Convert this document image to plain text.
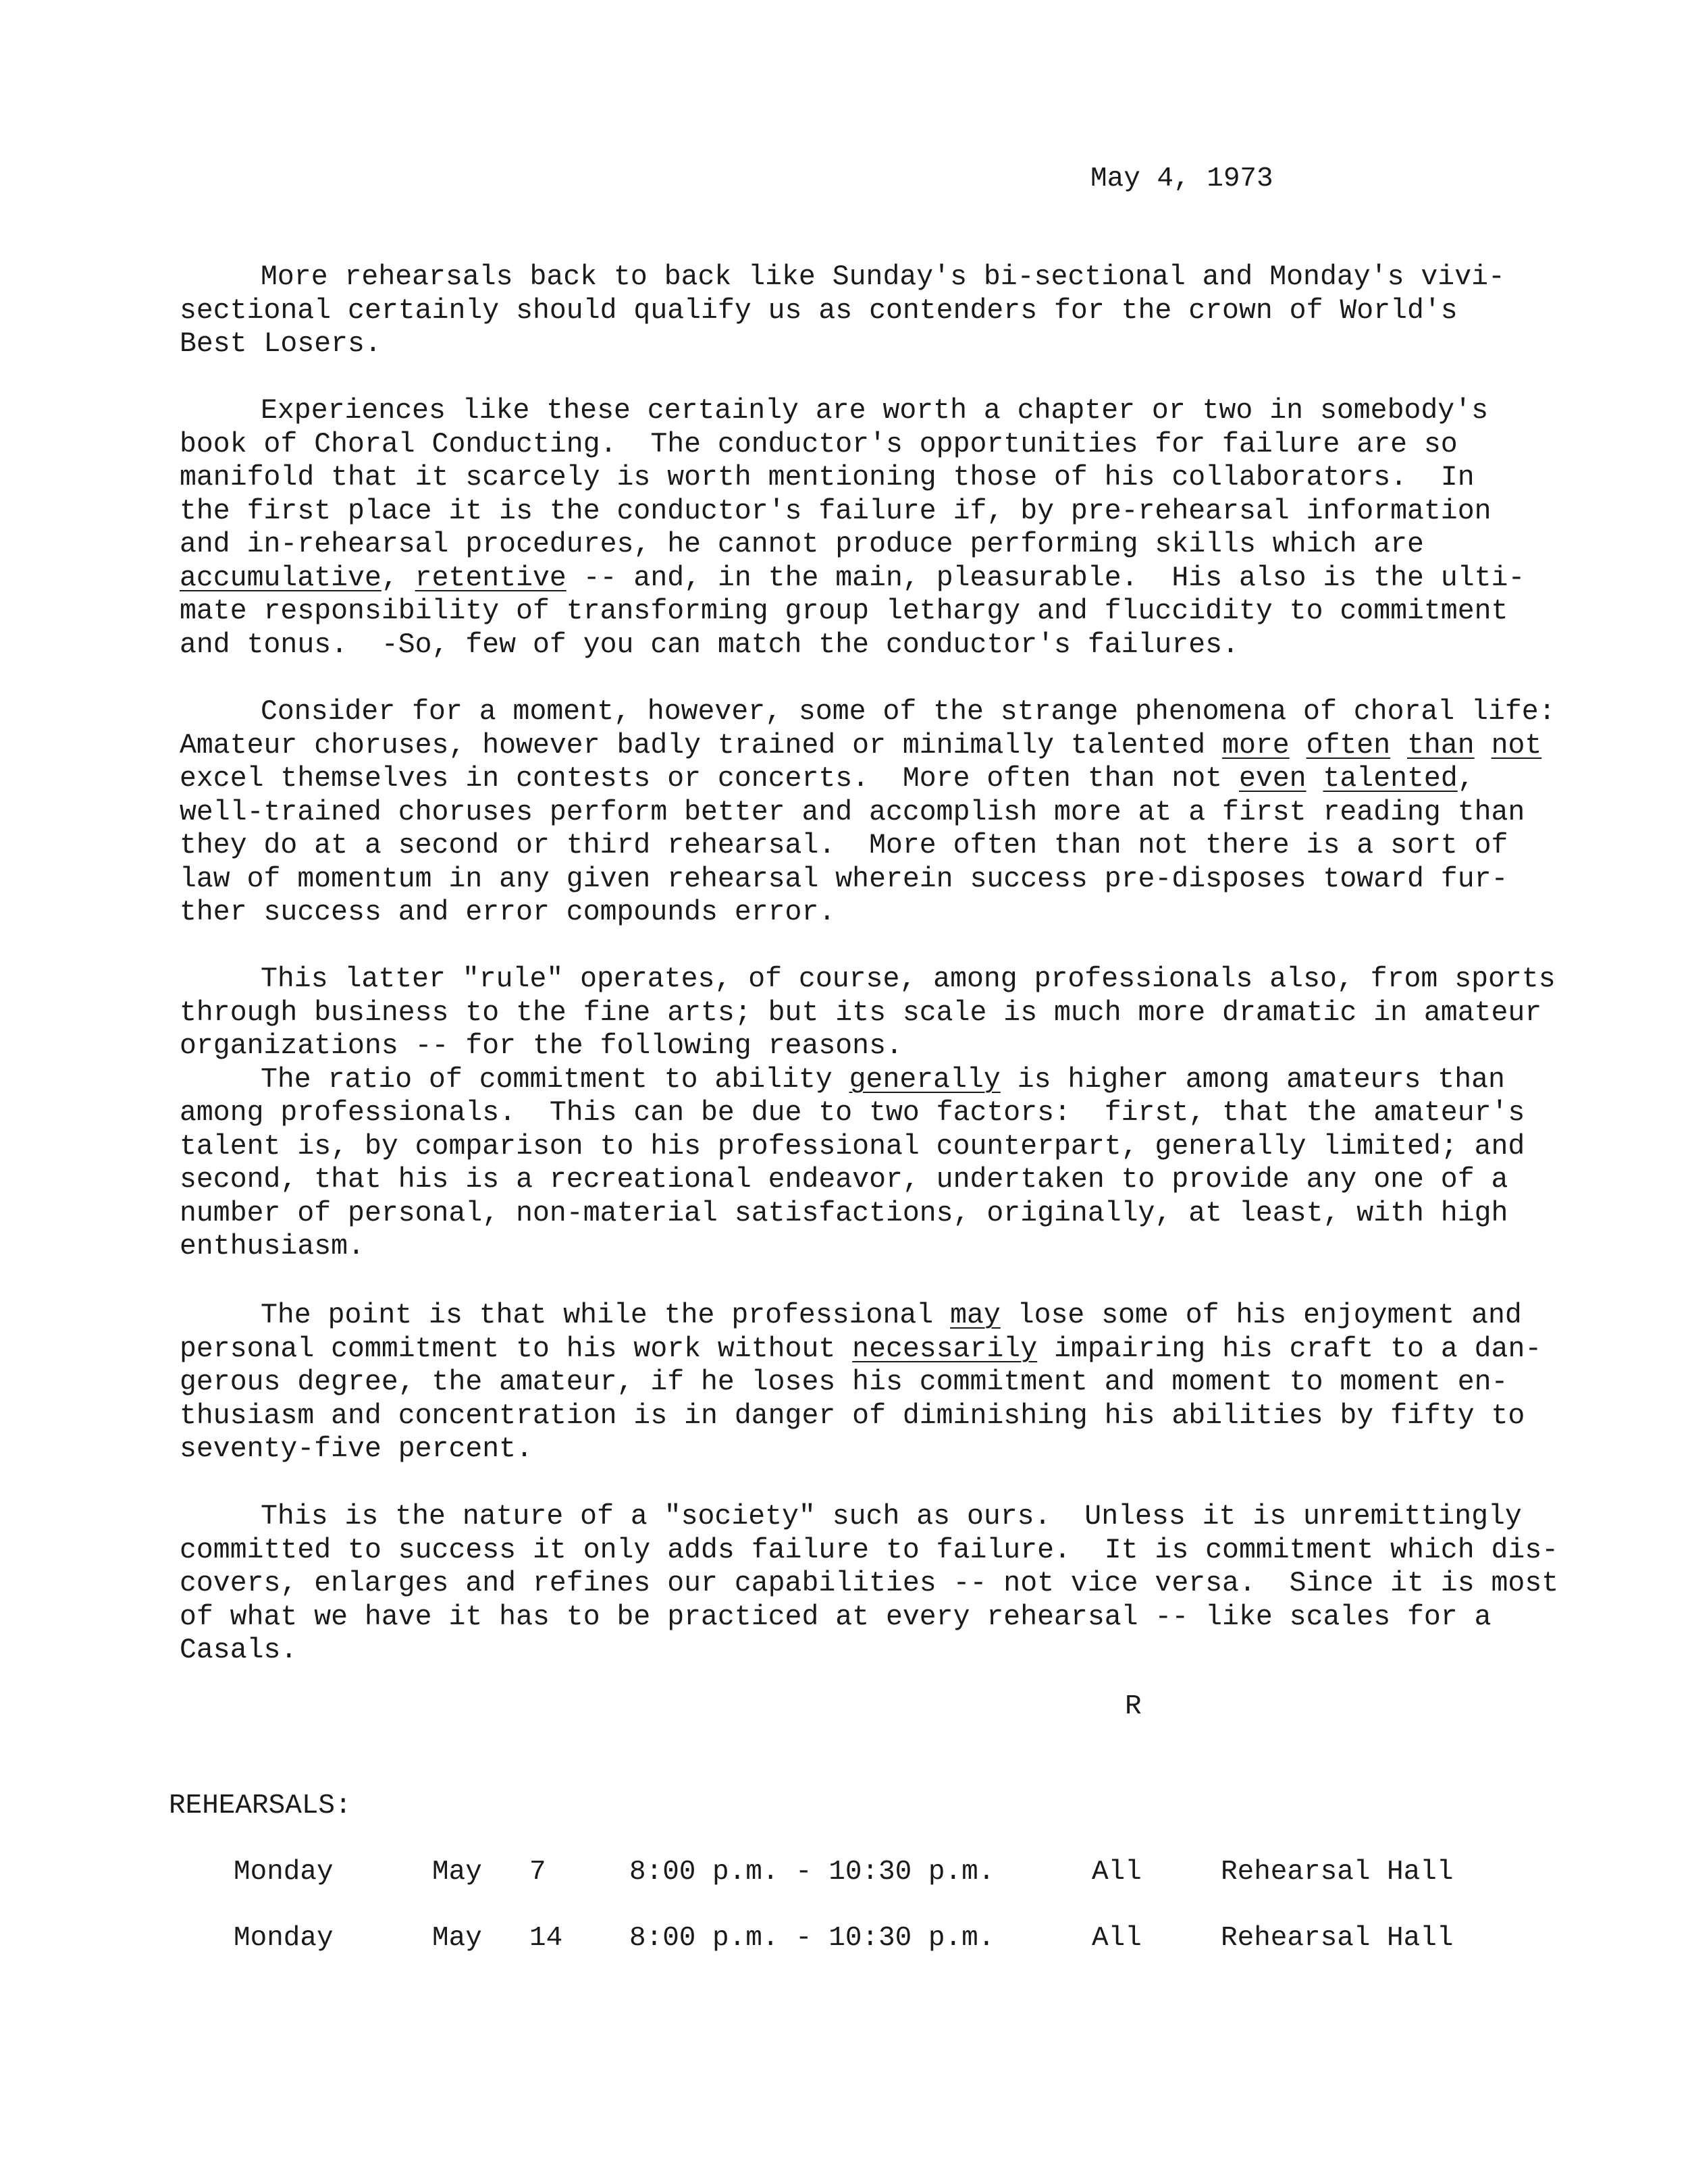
May 4, 1973
More rehearsals back to back like Sunday's bi-sectional and Monday's vivi-
sectional certainly should qualify us as contenders for the crown of World's
Best Losers.
Experiences like these certainly are worth a chapter or two in somebody's
book of Choral Conducting.  The conductor's opportunities for failure are so
manifold that it scarcely is worth mentioning those of his collaborators.  In
the first place it is the conductor's failure if, by pre-rehearsal information
and in-rehearsal procedures, he cannot produce performing skills which are
accumulative, retentive -- and, in the main, pleasurable.  His also is the ulti-
mate responsibility of transforming group lethargy and fluccidity to commitment
and tonus.  -So, few of you can match the conductor's failures.
Consider for a moment, however, some of the strange phenomena of choral life:
Amateur choruses, however badly trained or minimally talented more often than not
excel themselves in contests or concerts.  More often than not even talented,
well-trained choruses perform better and accomplish more at a first reading than
they do at a second or third rehearsal.  More often than not there is a sort of
law of momentum in any given rehearsal wherein success pre-disposes toward fur-
ther success and error compounds error.
This latter "rule" operates, of course, among professionals also, from sports
through business to the fine arts; but its scale is much more dramatic in amateur
organizations -- for the following reasons.
The ratio of commitment to ability generally is higher among amateurs than
among professionals.  This can be due to two factors:  first, that the amateur's
talent is, by comparison to his professional counterpart, generally limited; and
second, that his is a recreational endeavor, undertaken to provide any one of a
number of personal, non-material satisfactions, originally, at least, with high
enthusiasm.
The point is that while the professional may lose some of his enjoyment and
personal commitment to his work without necessarily impairing his craft to a dan-
gerous degree, the amateur, if he loses his commitment and moment to moment en-
thusiasm and concentration is in danger of diminishing his abilities by fifty to
seventy-five percent.
This is the nature of a "society" such as ours.  Unless it is unremittingly
committed to success it only adds failure to failure.  It is commitment which dis-
covers, enlarges and refines our capabilities -- not vice versa.  Since it is most
of what we have it has to be practiced at every rehearsal -- like scales for a
Casals.
R
REHEARSALS:
Monday	May 7	8:00 p.m. - 10:30 p.m.	All	Rehearsal Hall
Monday	May 14 8:00 p.m. - 10:30 p.m.	All	Rehearsal Hall
